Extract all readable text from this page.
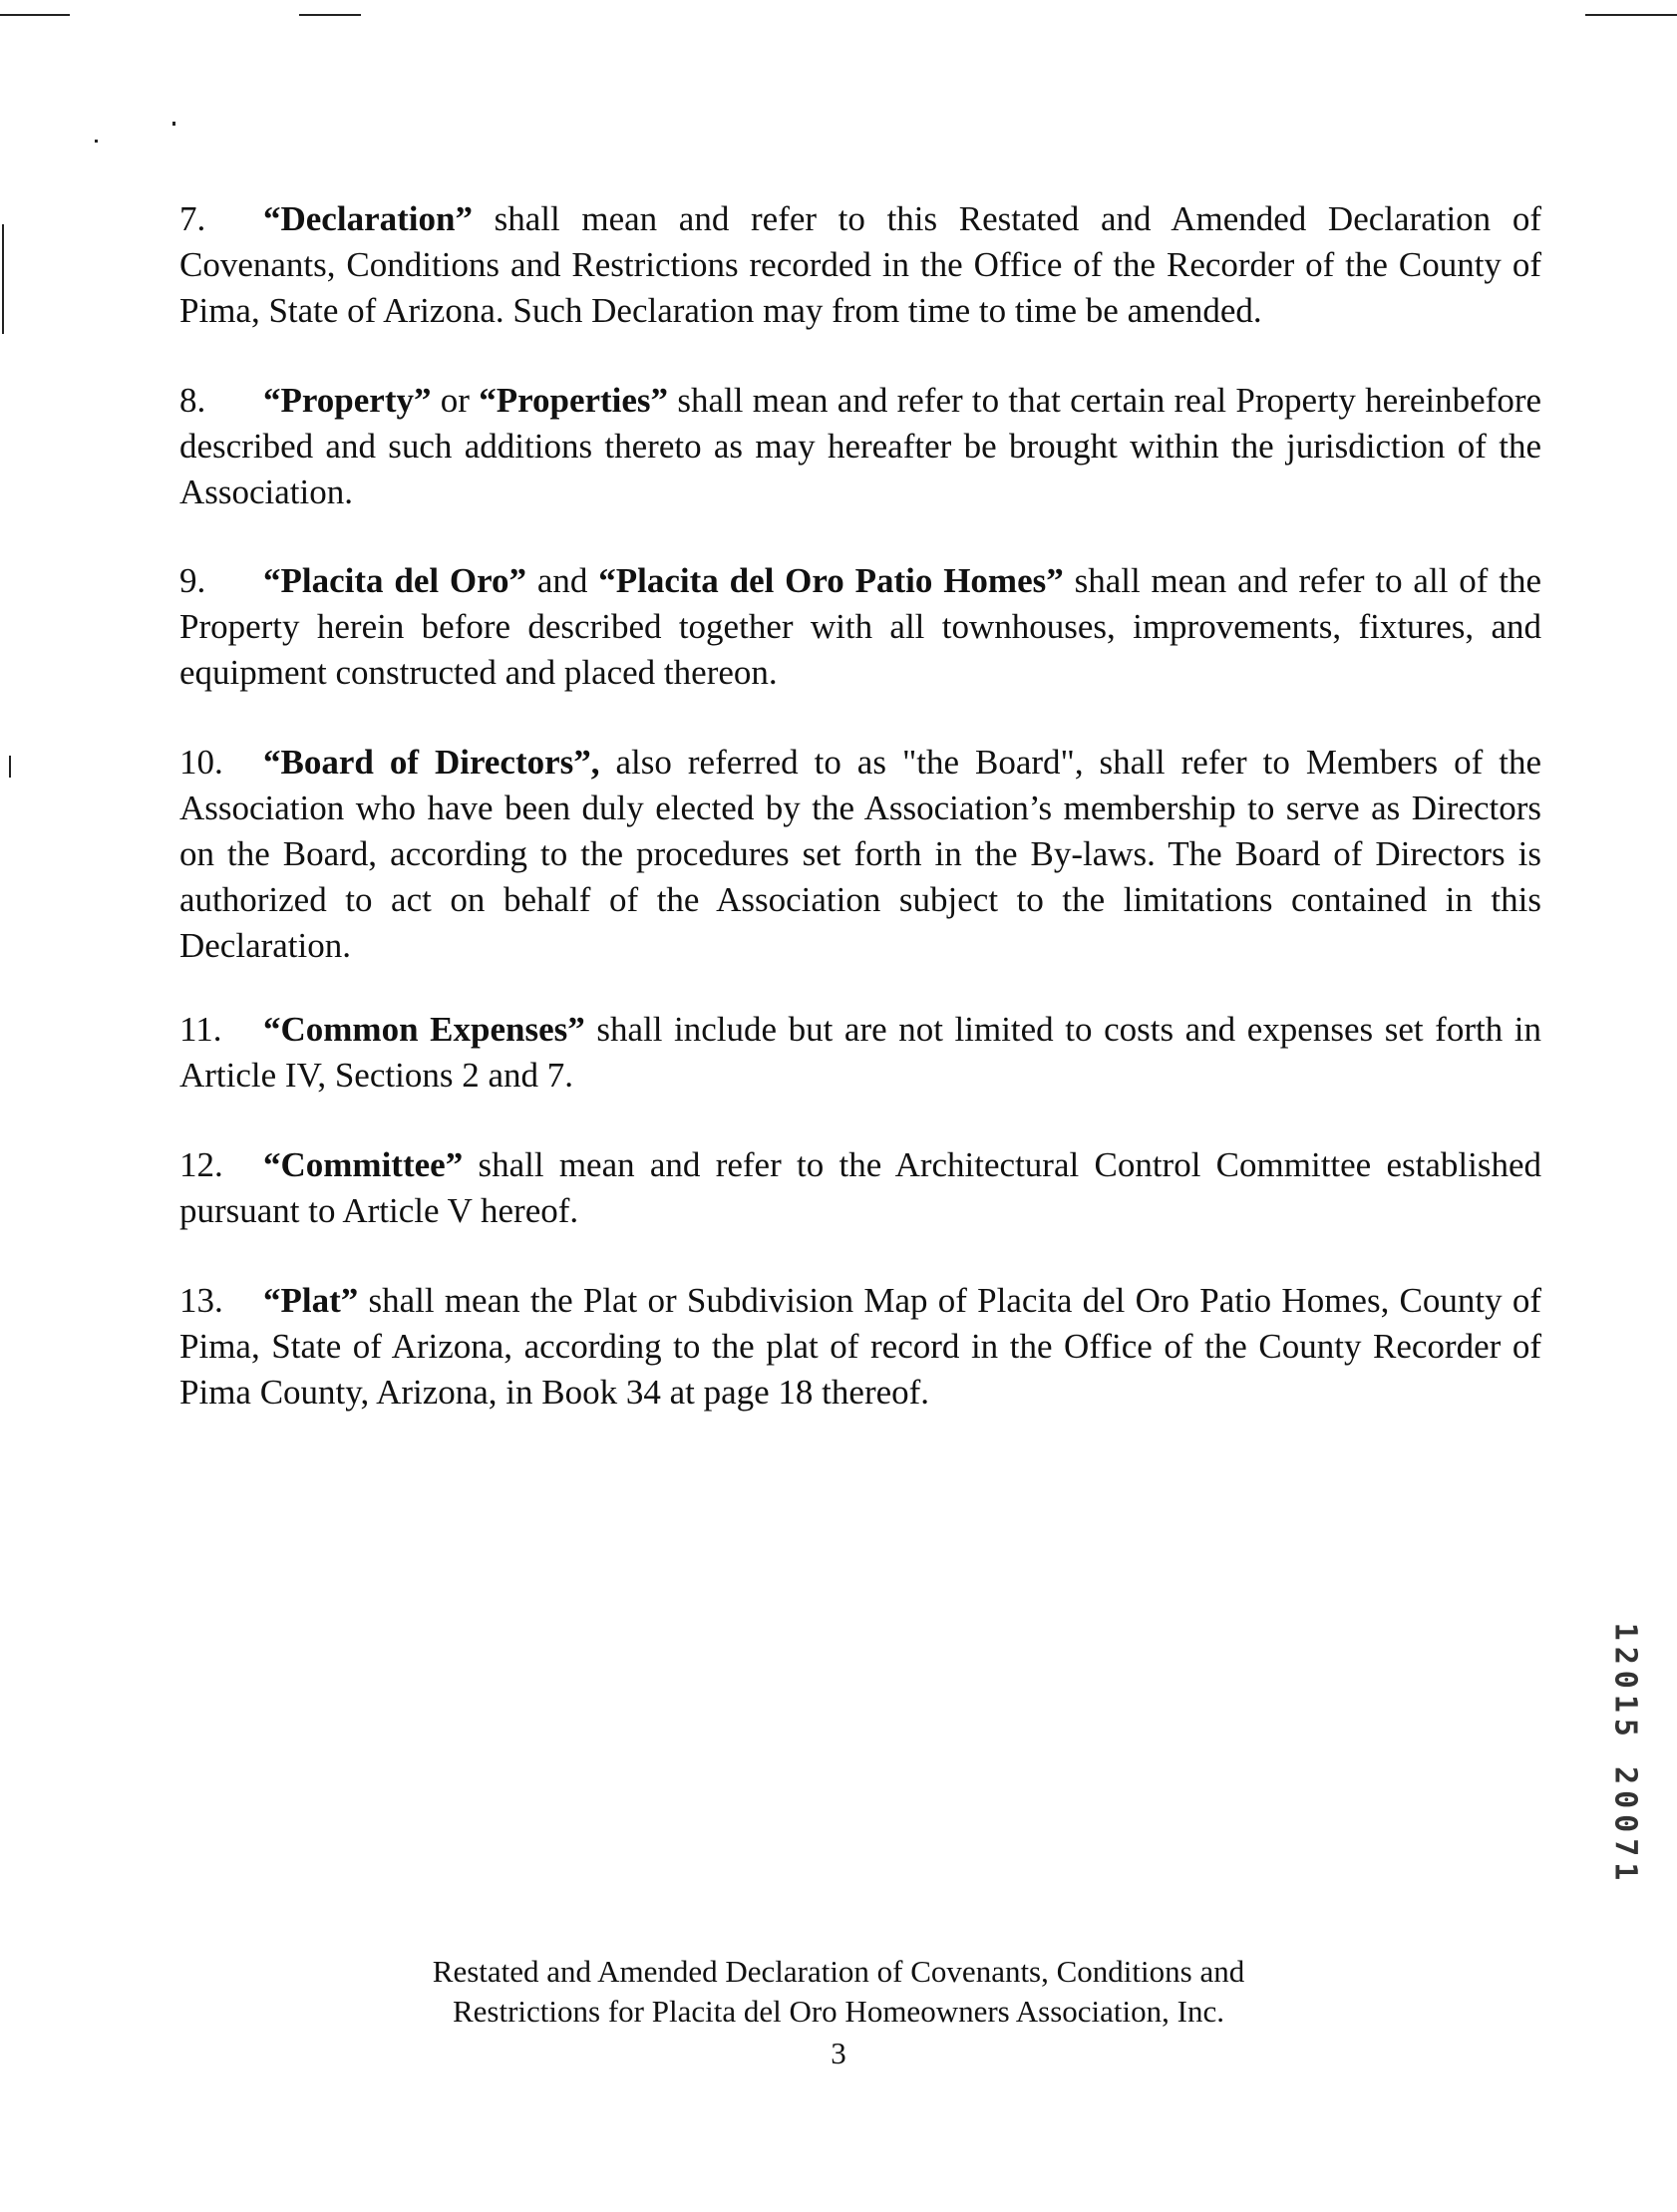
7. “Declaration” shall mean and refer to this Restated and Amended Declaration of Covenants, Conditions and Restrictions recorded in the Office of the Recorder of the County of Pima, State of Arizona. Such Declaration may from time to time be amended.

8. “Property” or “Properties” shall mean and refer to that certain real Property hereinbefore described and such additions thereto as may hereafter be brought within the jurisdiction of the Association.

9. “Placita del Oro” and “Placita del Oro Patio Homes” shall mean and refer to all of the Property herein before described together with all townhouses, improvements, fixtures, and equipment constructed and placed thereon.

10. “Board of Directors”, also referred to as "the Board", shall refer to Members of the Association who have been duly elected by the Association’s membership to serve as Directors on the Board, according to the procedures set forth in the By-laws. The Board of Directors is authorized to act on behalf of the Association subject to the limitations contained in this Declaration.

11. “Common Expenses” shall include but are not limited to costs and expenses set forth in Article IV, Sections 2 and 7.

12. “Committee” shall mean and refer to the Architectural Control Committee established pursuant to Article V hereof.

13. “Plat” shall mean the Plat or Subdivision Map of Placita del Oro Patio Homes, County of Pima, State of Arizona, according to the plat of record in the Office of the County Recorder of Pima County, Arizona, in Book 34 at page 18 thereof.

12015 20071
Restated and Amended Declaration of Covenants, Conditions and
Restrictions for Placita del Oro Homeowners Association, Inc.
3
